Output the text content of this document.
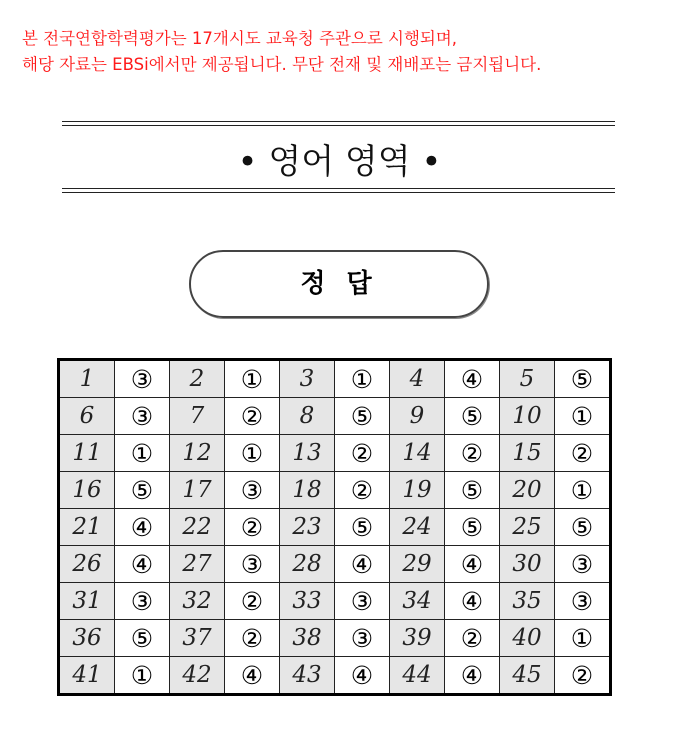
본 전국연합학력평가는 17개시도 교육청 주관으로 시행되며,
해당 자료는 EBSi에서만 제공됩니다. 무단 전재 및 재배포는 금지됩니다.
• 영어 영역 •
정 답
1	③	2	①	3	①	4	④	5	⑤
6	③	7	②	8	⑤	9	⑤	10	①
11	①	12	①	13	②	14	②	15	②
16	⑤	17	③	18	②	19	⑤	20	①
21	④	22	②	23	⑤	24	⑤	25	⑤
26	④	27	③	28	④	29	④	30	③
31	③	32	②	33	③	34	④	35	③
36	⑤	37	②	38	③	39	②	40	①
41	①	42	④	43	④	44	④	45	②
